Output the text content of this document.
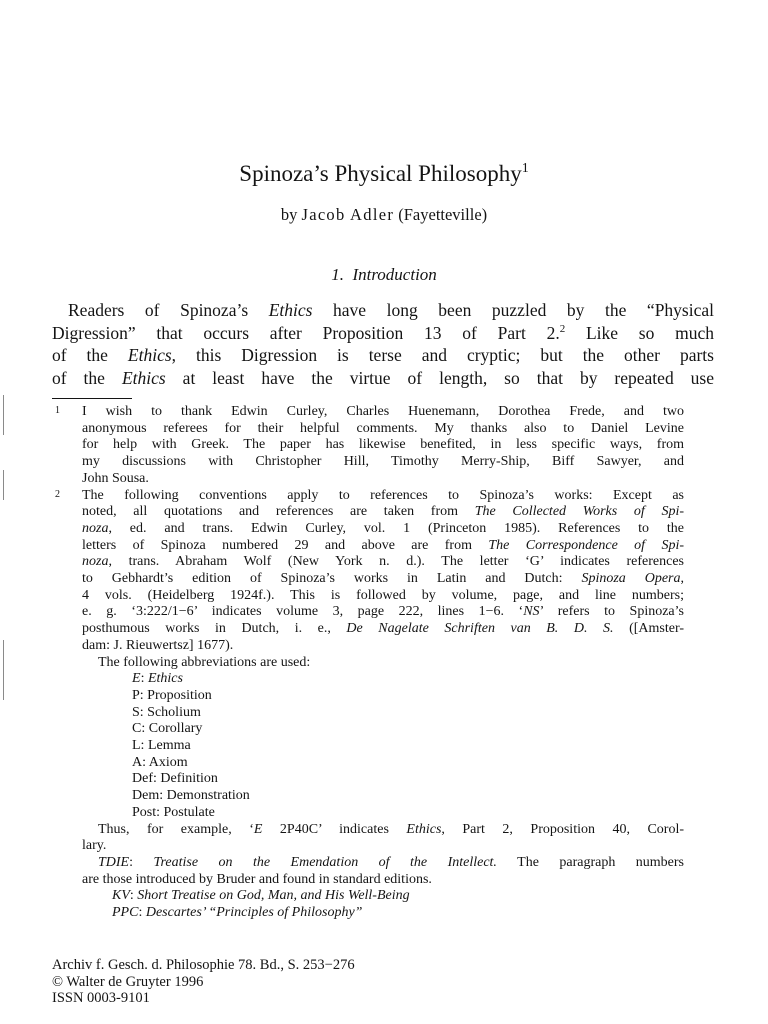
Spinoza’s Physical Philosophy$^1$
by Jacob Adler (Fayetteville)
1. Introduction
Readers of Spinoza’s Ethics have long been puzzled by the “Physical
Digression” that occurs after Proposition 13 of Part 2.$^2$ Like so much
of the Ethics, this Digression is terse and cryptic; but the other parts
of the Ethics at least have the virtue of length, so that by repeated use
1 I wish to thank Edwin Curley, Charles Huenemann, Dorothea Frede, and two
anonymous referees for their helpful comments. My thanks also to Daniel Levine
for help with Greek. The paper has likewise benefited, in less specific ways, from
my discussions with Christopher Hill, Timothy Merry-Ship, Biff Sawyer, and
John Sousa.
2 The following conventions apply to references to Spinoza’s works: Except as
noted, all quotations and references are taken from The Collected Works of Spi-
noza, ed. and trans. Edwin Curley, vol. 1 (Princeton 1985). References to the
letters of Spinoza numbered 29 and above are from The Correspondence of Spi-
noza, trans. Abraham Wolf (New York n. d.). The letter ‘G’ indicates references
to Gebhardt’s edition of Spinoza’s works in Latin and Dutch: Spinoza Opera,
4 vols. (Heidelberg 1924f.). This is followed by volume, page, and line numbers;
e. g. ‘3:222/1−6’ indicates volume 3, page 222, lines 1−6. ‘NS’ refers to Spinoza’s
posthumous works in Dutch, i. e., De Nagelate Schriften van B. D. S. ([Amster-
dam: J. Rieuwertsz] 1677).
The following abbreviations are used:
E: Ethics
P: Proposition
S: Scholium
C: Corollary
L: Lemma
A: Axiom
Def: Definition
Dem: Demonstration
Post: Postulate
Thus, for example, ‘E 2P40C’ indicates Ethics, Part 2, Proposition 40, Corol-
lary.
TDIE: Treatise on the Emendation of the Intellect. The paragraph numbers
are those introduced by Bruder and found in standard editions.
KV: Short Treatise on God, Man, and His Well-Being
PPC: Descartes’ “Principles of Philosophy”
Archiv f. Gesch. d. Philosophie 78. Bd., S. 253−276
© Walter de Gruyter 1996
ISSN 0003-9101
